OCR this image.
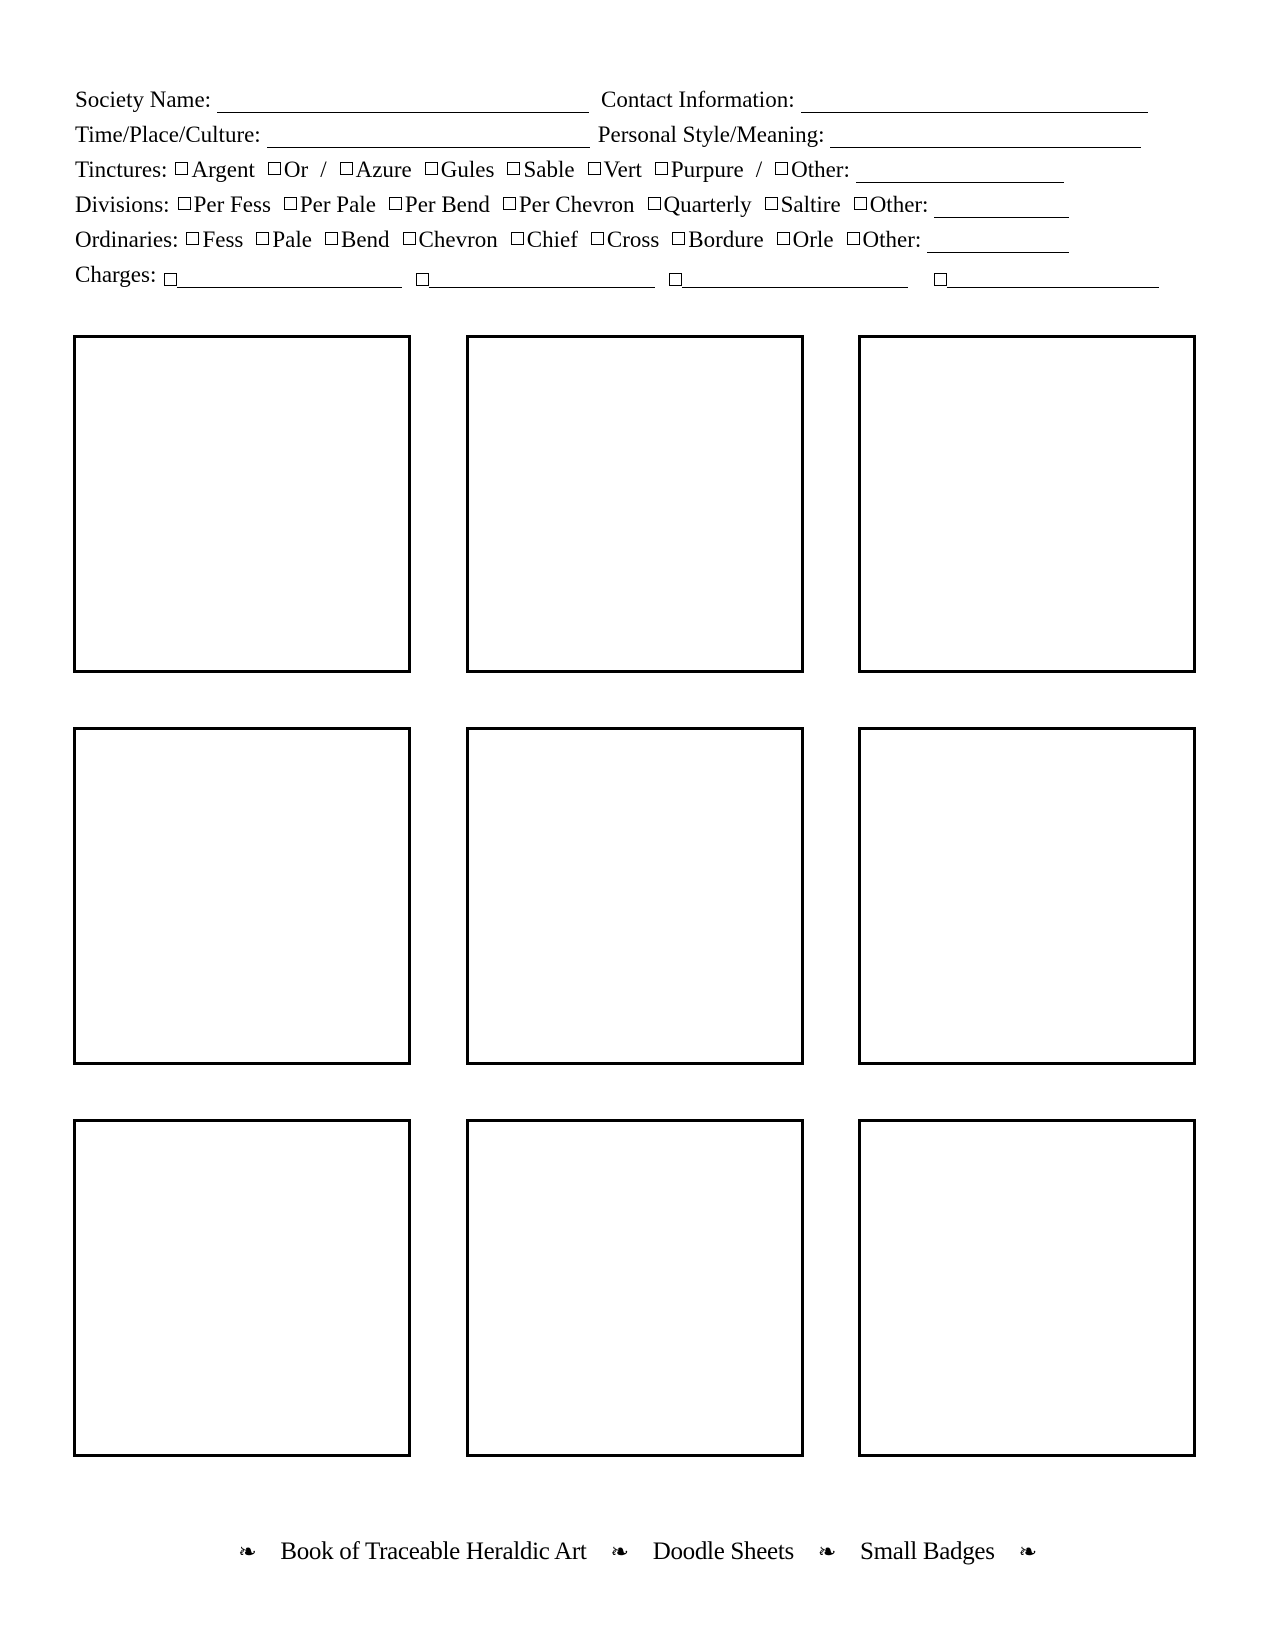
Society Name:	Contact Information:
Time/Place/Culture:	Personal Style/Meaning:
Tinctures: Argent Or / Azure Gules Sable Vert Purpure / Other:
Divisions: Per Fess Per Pale Per Bend Per Chevron Quarterly Saltire Other:
Ordinaries: Fess Pale Bend Chevron Chief Cross Bordure Orle Other:
Charges:
❧ Book of Traceable Heraldic Art ❧ Doodle Sheets ❧ Small Badges ❧
